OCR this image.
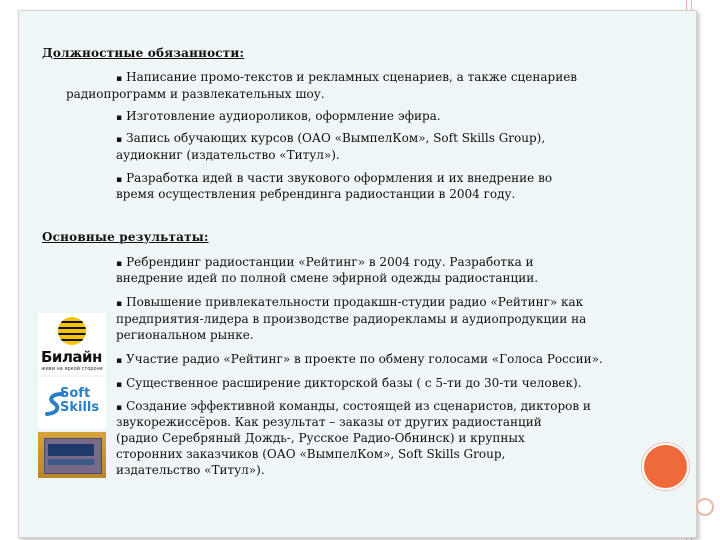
Должностные обязанности:
▪ Написание промо-текстов и рекламных сценариев, а также сценариев
радиопрограмм и развлекательных шоу.
▪ Изготовление аудиороликов, оформление эфира.
▪ Запись обучающих курсов (ОАО «ВымпелКом», Soft Skills Group),
аудиокниг (издательство «Титул»).
▪ Разработка идей в части звукового оформления и их внедрение во
время осуществления ребрендинга радиостанции в 2004 году.
Основные результаты:
▪ Ребрендинг радиостанции «Рейтинг» в 2004 году. Разработка и
внедрение идей по полной смене эфирной одежды радиостанции.
▪ Повышение привлекательности продакшн-студии радио «Рейтинг» как
предприятия-лидера в производстве радиорекламы и аудиопродукции на
региональном рынке.
▪ Участие радио «Рейтинг» в проекте по обмену голосами «Голоса России».
▪ Существенное расширение дикторской базы ( с 5-ти до 30-ти человек).
▪ Создание эффективной команды, состоящей из сценаристов, дикторов и
звукорежиссёров. Как результат – заказы от других радиостанций
(радио Серебряный Дождь-, Русское Радио-Обнинск) и крупных
сторонних заказчиков (ОАО «ВымпелКом», Soft Skills Group,
издательство «Титул»).
Билайн
живи на яркой стороне
Soft
Skills
